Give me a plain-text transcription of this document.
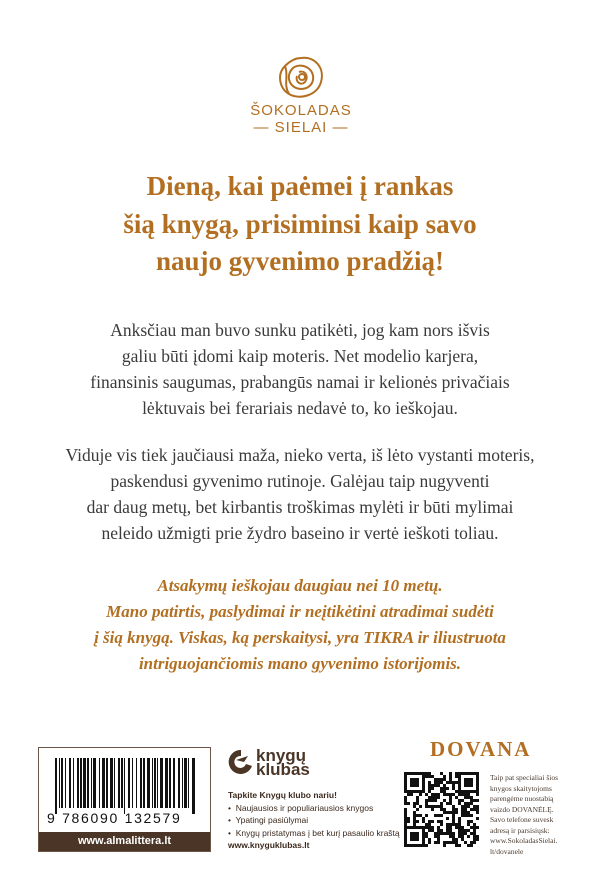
ŠOKOLADAS
— SIELAI —
Dieną, kai paėmei į rankas
šią knygą, prisiminsi kaip savo
naujo gyvenimo pradžią!
Anksčiau man buvo sunku patikėti, jog kam nors išvis
galiu būti įdomi kaip moteris. Net modelio karjera,
finansinis saugumas, prabangūs namai ir kelionės privačiais
lėktuvais bei ferariais nedavė to, ko ieškojau.
Viduje vis tiek jaučiausi maža, nieko verta, iš lėto vystanti moteris,
paskendusi gyvenimo rutinoje. Galėjau taip nugyventi
dar daug metų, bet kirbantis troškimas mylėti ir būti mylimai
neleido užmigti prie žydro baseino ir vertė ieškoti toliau.
Atsakymų ieškojau daugiau nei 10 metų.
Mano patirtis, paslydimai ir neįtikėtini atradimai sudėti
į šią knygą. Viskas, ką perskaitysi, yra TIKRA ir iliustruota
intriguojančiomis mano gyvenimo istorijomis.
9 786090 132579
www.almalittera.lt
knygų
klubas
Tapkite Knygų klubo nariu!
•  Naujausios ir populiariausios knygos
•  Ypatingi pasiūlymai
•  Knygų pristatymas į bet kurį pasaulio kraštą
www.knyguklubas.lt
DOVANA
Taip pat specialiai šios
knygos skaitytojoms
parengėme nuostabią
vaizdo DOVANĖLĘ.
Savo telefone suvesk
adresą ir parsisiųsk:
www.SokoladasSielai.
lt/dovanele
